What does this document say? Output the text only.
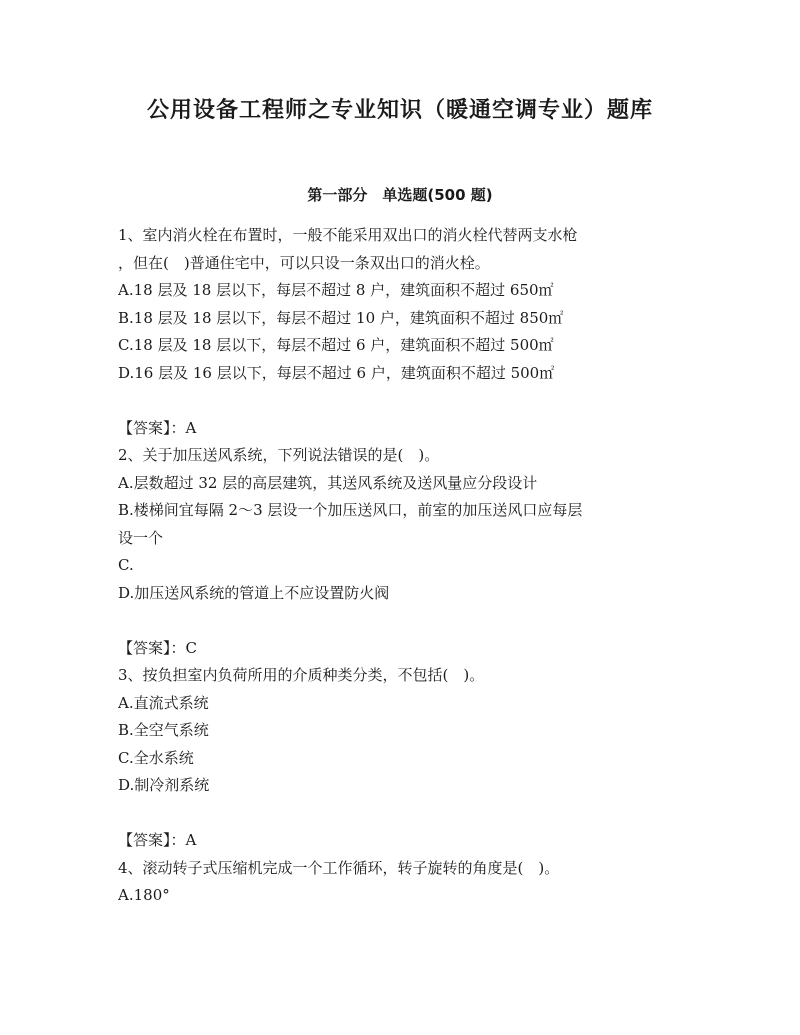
公用设备工程师之专业知识（暖通空调专业）题库
第一部分　单选题(500 题)
1、室内消火栓在布置时，一般不能采用双出口的消火栓代替两支水枪
，但在(　)普通住宅中，可以只设一条双出口的消火栓。
A.18 层及 18 层以下，每层不超过 8 户，建筑面积不超过 650㎡
B.18 层及 18 层以下，每层不超过 10 户，建筑面积不超过 850㎡
C.18 层及 18 层以下，每层不超过 6 户，建筑面积不超过 500㎡
D.16 层及 16 层以下，每层不超过 6 户，建筑面积不超过 500㎡
【答案】：A
2、关于加压送风系统，下列说法错误的是(　)。
A.层数超过 32 层的高层建筑，其送风系统及送风量应分段设计
B.楼梯间宜每隔 2～3 层设一个加压送风口，前室的加压送风口应每层
设一个
C.
D.加压送风系统的管道上不应设置防火阀
【答案】：C
3、按负担室内负荷所用的介质种类分类，不包括(　)。
A.直流式系统
B.全空气系统
C.全水系统
D.制冷剂系统
【答案】：A
4、滚动转子式压缩机完成一个工作循环，转子旋转的角度是(　)。
A.180°
